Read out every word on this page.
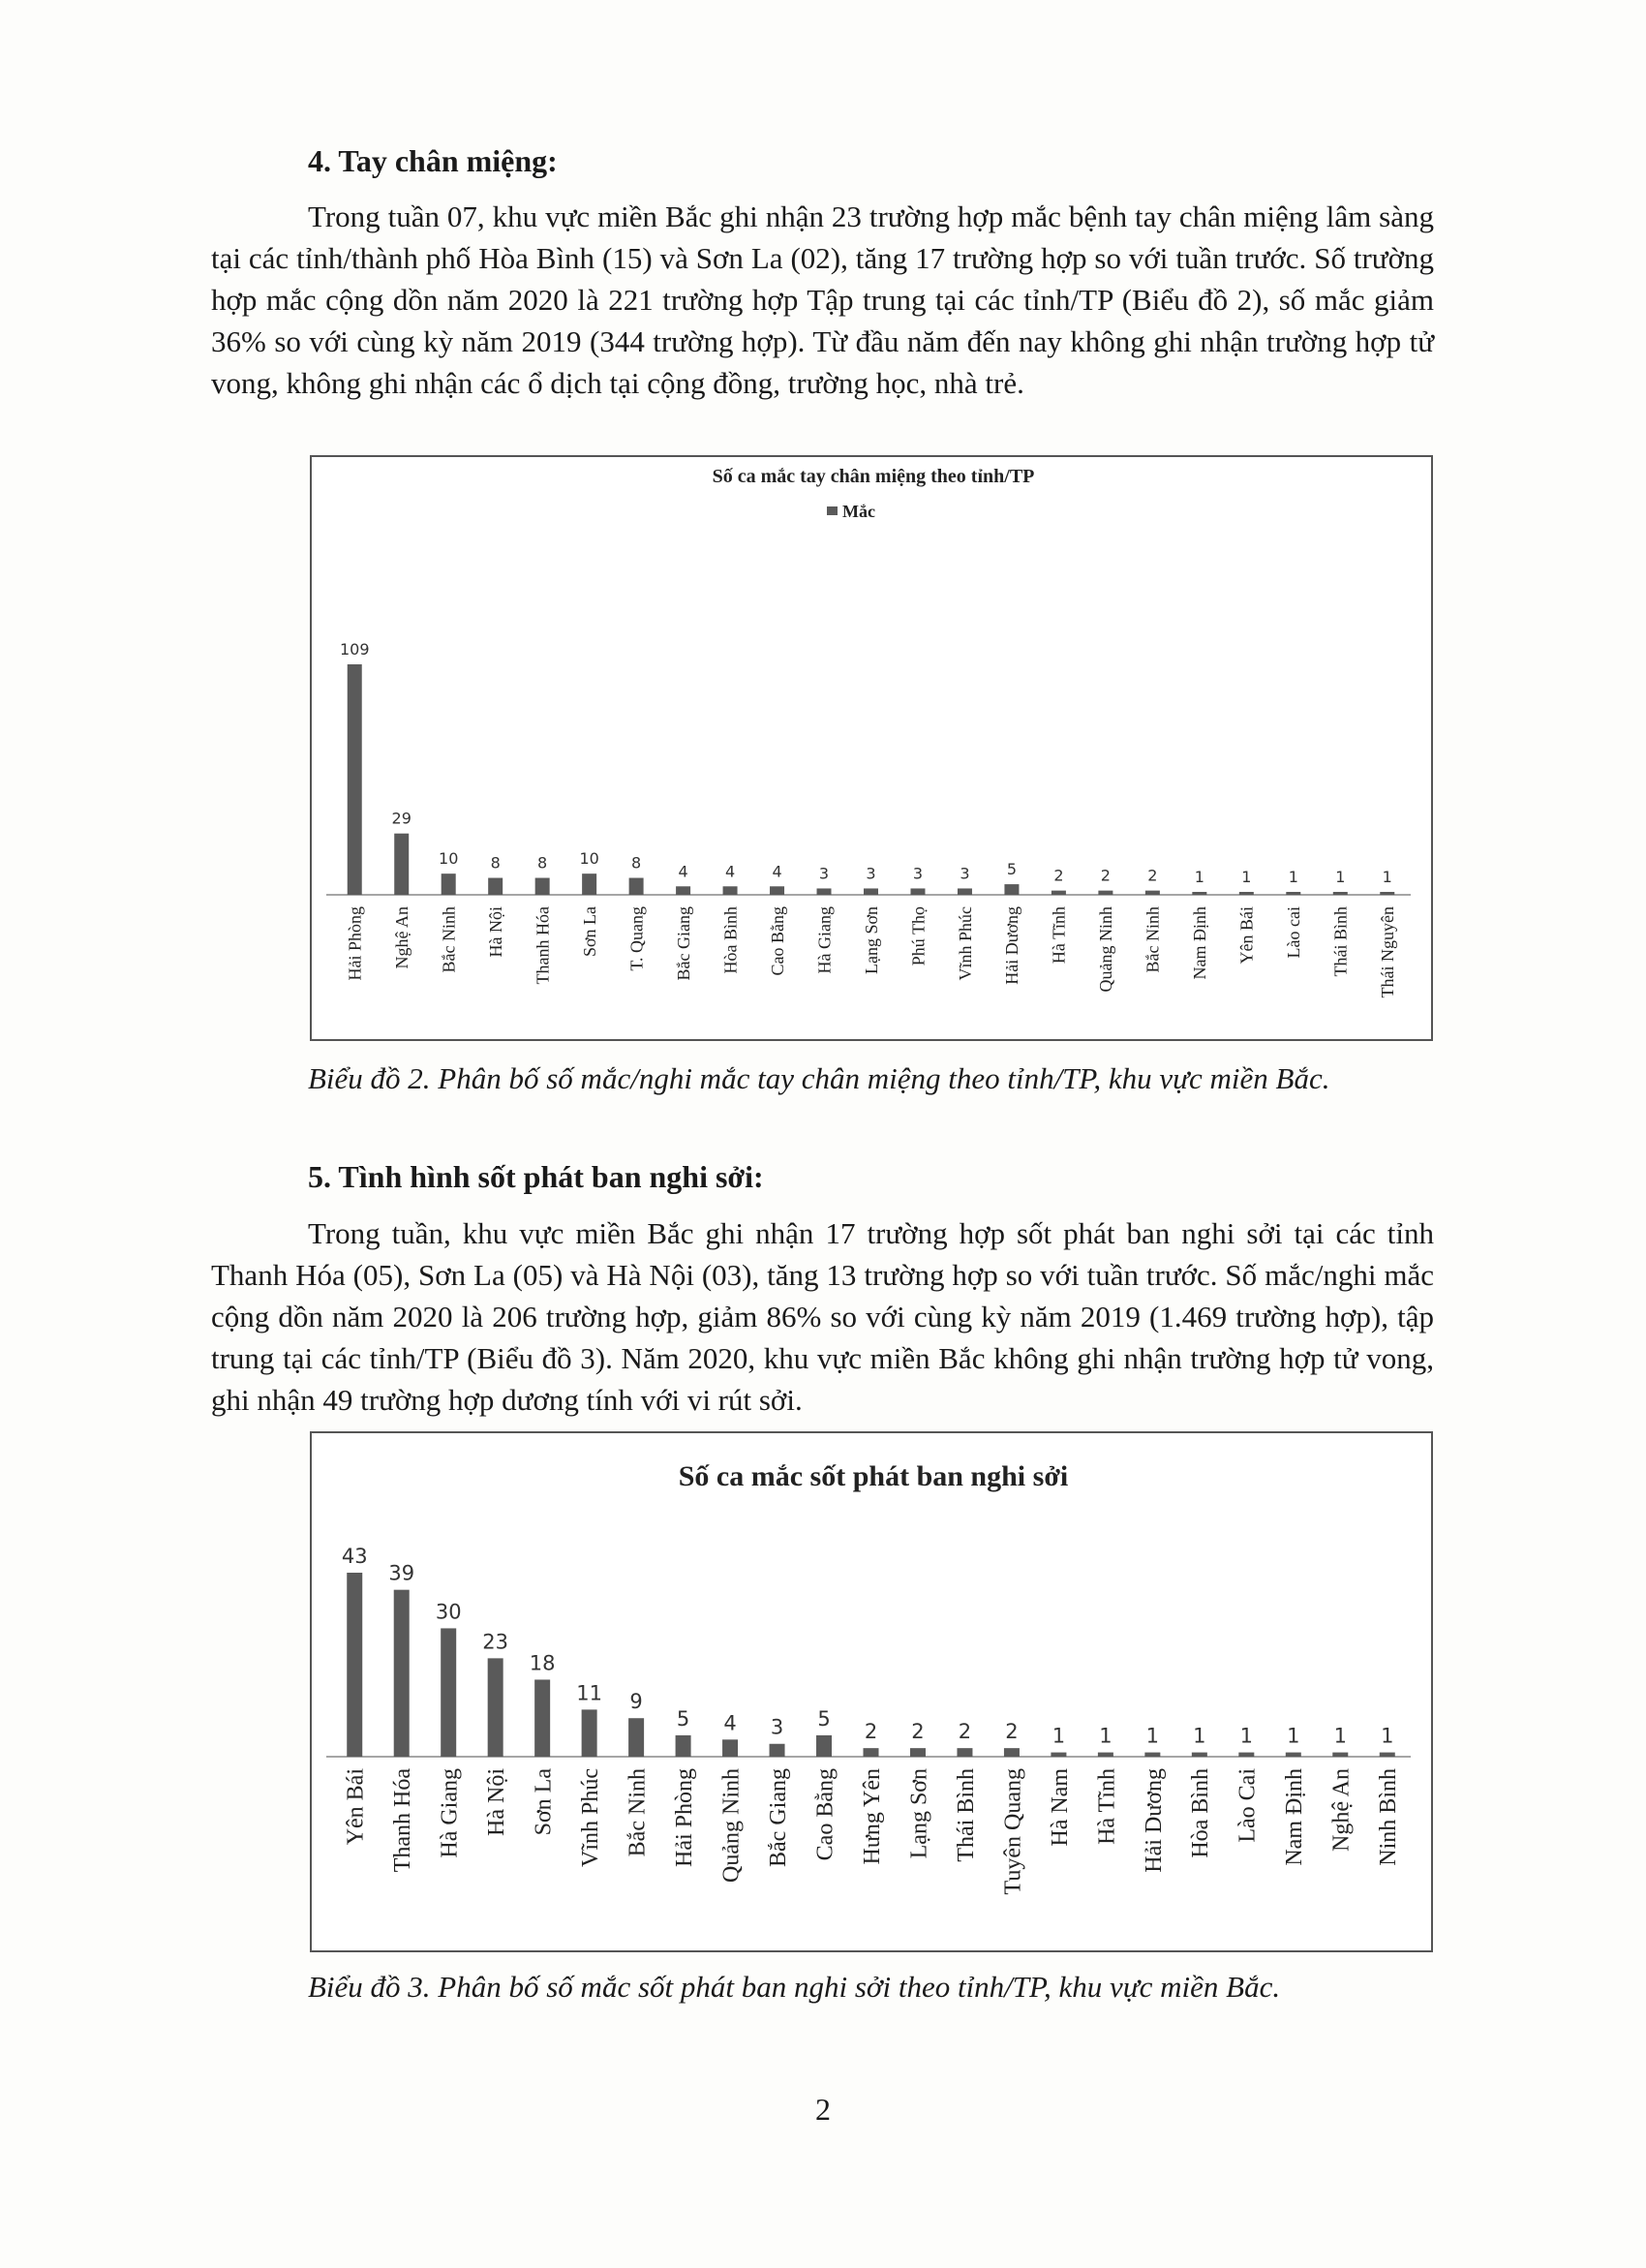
4. Tay chân miệng:

Trong tuần 07, khu vực miền Bắc ghi nhận 23 trường hợp mắc bệnh tay chân miệng lâm sàng tại các tỉnh/thành phố Hòa Bình (15) và Sơn La (02), tăng 17 trường hợp so với tuần trước. Số trường hợp mắc cộng dồn năm 2020 là 221 trường hợp Tập trung tại các tỉnh/TP (Biểu đồ 2), số mắc giảm 36% so với cùng kỳ năm 2019 (344 trường hợp). Từ đầu năm đến nay không ghi nhận trường hợp tử vong, không ghi nhận các ổ dịch tại cộng đồng, trường học, nhà trẻ.

Số ca mắc tay chân miệng theo tỉnh/TP
Mắc
109
Hải Phòng
29
Nghệ An
10
Bắc Ninh
8
Hà Nội
8
Thanh Hóa
10
Sơn La
8
T. Quang
4
Bắc Giang
4
Hòa Bình
4
Cao Bằng
3
Hà Giang
3
Lạng Sơn
3
Phú Thọ
3
Vĩnh Phúc
5
Hải Dương
2
Hà Tĩnh
2
Quảng Ninh
2
Bắc Ninh
1
Nam Định
1
Yên Bái
1
Lào cai
1
Thái Bình
1
Thái Nguyên

Biểu đồ 2. Phân bố số mắc/nghi mắc tay chân miệng theo tỉnh/TP, khu vực miền Bắc.

5. Tình hình sốt phát ban nghi sởi:

Trong tuần, khu vực miền Bắc ghi nhận 17 trường hợp sốt phát ban nghi sởi tại các tỉnh Thanh Hóa (05), Sơn La (05) và Hà Nội (03), tăng 13 trường hợp so với tuần trước. Số mắc/nghi mắc cộng dồn năm 2020 là 206 trường hợp, giảm 86% so với cùng kỳ năm 2019 (1.469 trường hợp), tập trung tại các tỉnh/TP (Biểu đồ 3). Năm 2020, khu vực miền Bắc không ghi nhận trường hợp tử vong, ghi nhận 49 trường hợp dương tính với vi rút sởi.

Số ca mắc sốt phát ban nghi sởi
43
Yên Bái
39
Thanh Hóa
30
Hà Giang
23
Hà Nội
18
Sơn La
11
Vĩnh Phúc
9
Bắc Ninh
5
Hải Phòng
4
Quảng Ninh
3
Bắc Giang
5
Cao Bằng
2
Hưng Yên
2
Lạng Sơn
2
Thái Bình
2
Tuyên Quang
1
Hà Nam
1
Hà Tĩnh
1
Hải Dương
1
Hòa Bình
1
Lào Cai
1
Nam Định
1
Nghệ An
1
Ninh Bình

Biểu đồ 3. Phân bố số mắc sốt phát ban nghi sởi theo tỉnh/TP, khu vực miền Bắc.

2
